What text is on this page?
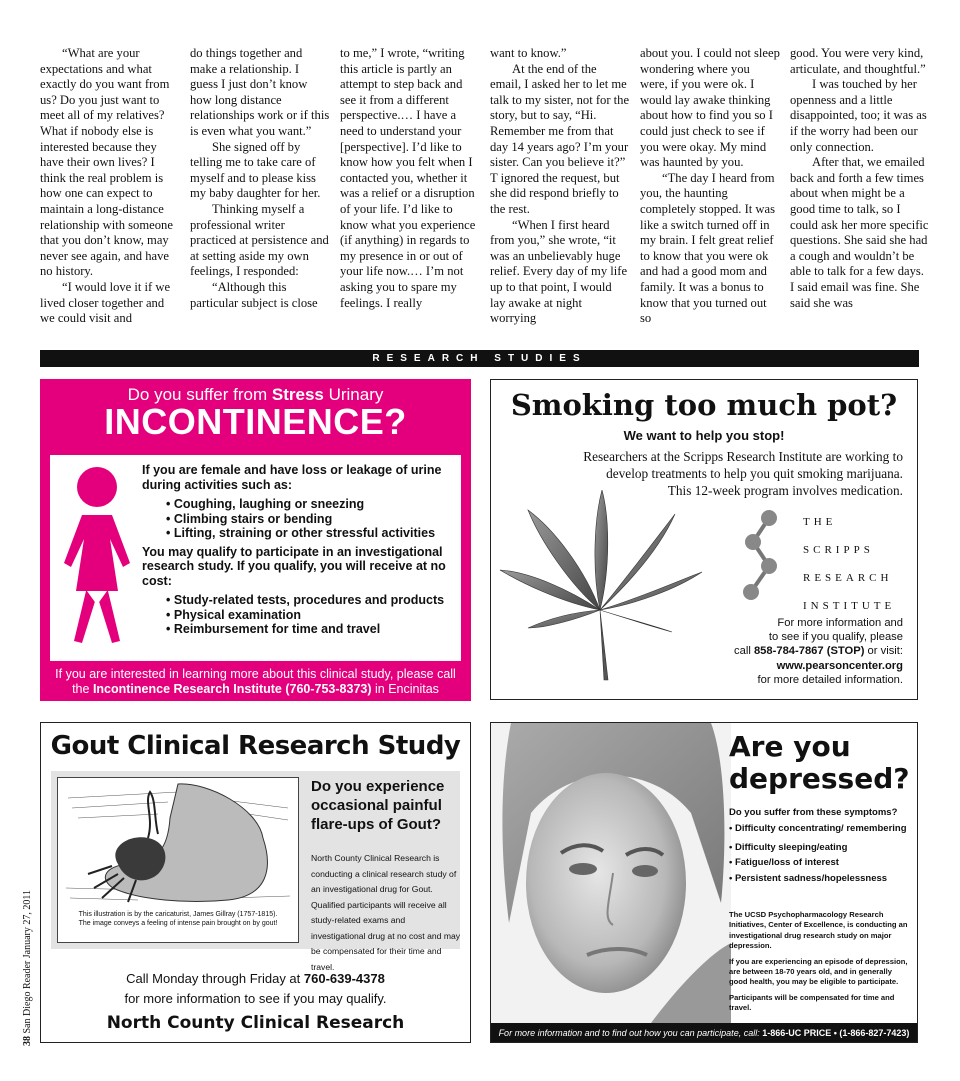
“What are your expectations and what exactly do you want from us? Do you just want to meet all of my relatives? What if nobody else is interested because they have their own lives? I think the real problem is how one can expect to maintain a long-distance relationship with someone that you don’t know, may never see again, and have no history.

“I would love it if we lived closer together and we could visit and

do things together and make a relationship. I guess I just don’t know how long distance relationships work or if this is even what you want.”

She signed off by telling me to take care of myself and to please kiss my baby daughter for her.

Thinking myself a professional writer practiced at persistence and at setting aside my own feelings, I responded:

“Although this particular subject is close

to me,” I wrote, “writing this article is partly an attempt to step back and see it from a different perspective.… I have a need to understand your [perspective]. I’d like to know how you felt when I contacted you, whether it was a relief or a disruption of your life. I’d like to know what you experience (if anything) in regards to my presence in or out of your life now.… I’m not asking you to spare my feelings. I really

want to know.”

At the end of the email, I asked her to let me talk to my sister, not for the story, but to say, “Hi. Remember me from that day 14 years ago? I’m your sister. Can you believe it?” T ignored the request, but she did respond briefly to the rest.

“When I first heard from you,” she wrote, “it was an unbelievably huge relief. Every day of my life up to that point, I would lay awake at night worrying

about you. I could not sleep wondering where you were, if you were ok. I would lay awake thinking about how to find you so I could just check to see if you were okay. My mind was haunted by you.

“The day I heard from you, the haunting completely stopped. It was like a switch turned off in my brain. I felt great relief to know that you were ok and had a good mom and family. It was a bonus to know that you turned out so

good. You were very kind, articulate, and thoughtful.”

I was touched by her openness and a little disappointed, too; it was as if the worry had been our only connection.

After that, we emailed back and forth a few times about when might be a good time to talk, so I could ask her more specific questions. She said she had a cough and wouldn’t be able to talk for a few days. I said email was fine. She said she was

RESEARCH STUDIES
Do you suffer from Stress Urinary
INCONTINENCE?

If you are female and have loss or leakage of urine during activities such as:

• Coughing, laughing or sneezing
• Climbing stairs or bending
• Lifting, straining or other stressful activities

You may qualify to participate in an investigational research study. If you qualify, you will receive at no cost:

• Study-related tests, procedures and products
• Physical examination
• Reimbursement for time and travel
If you are interested in learning more about this clinical study, please call
the Incontinence Research Institute (760-753-8373) in Encinitas
Smoking too much pot?
We want to help you stop!
Researchers at the Scripps Research Institute are working to
develop treatments to help you quit smoking marijuana.
This 12-week program involves medication.
THE
SCRIPPS
RESEARCH
INSTITUTE
For more information and
to see if you qualify, please
call 858-784-7867 (STOP) or visit:
www.pearsoncenter.org
for more detailed information.
Gout Clinical Research Study
This illustration is by the caricaturist, James Gillray (1757-1815).
The image conveys a feeling of intense pain brought on by gout!
Do you experience occasional painful flare-ups of Gout?
North County Clinical Research is conducting a clinical research study of an investigational drug for Gout. Qualified participants will receive all study-related exams and investigational drug at no cost and may be compensated for their time and travel.
Call Monday through Friday at 760-639-4378
for more information to see if you may qualify.
North County Clinical Research
Are you depressed?
Do you suffer from these symptoms?
• Difficulty concentrating/ remembering
• Difficulty sleeping/eating
• Fatigue/loss of interest
• Persistent sadness/hopelessness

The UCSD Psychopharmacology Research Initiatives, Center of Excellence, is conducting an investigational drug research study on major depression.

If you are experiencing an episode of depression, are between 18-70 years old, and in generally good health, you may be eligible to participate.

Participants will be compensated for time and travel.

For more information and to find out how you can participate, call: 1-866-UC PRICE • (1-866-827-7423)
38 San Diego Reader January 27, 2011
